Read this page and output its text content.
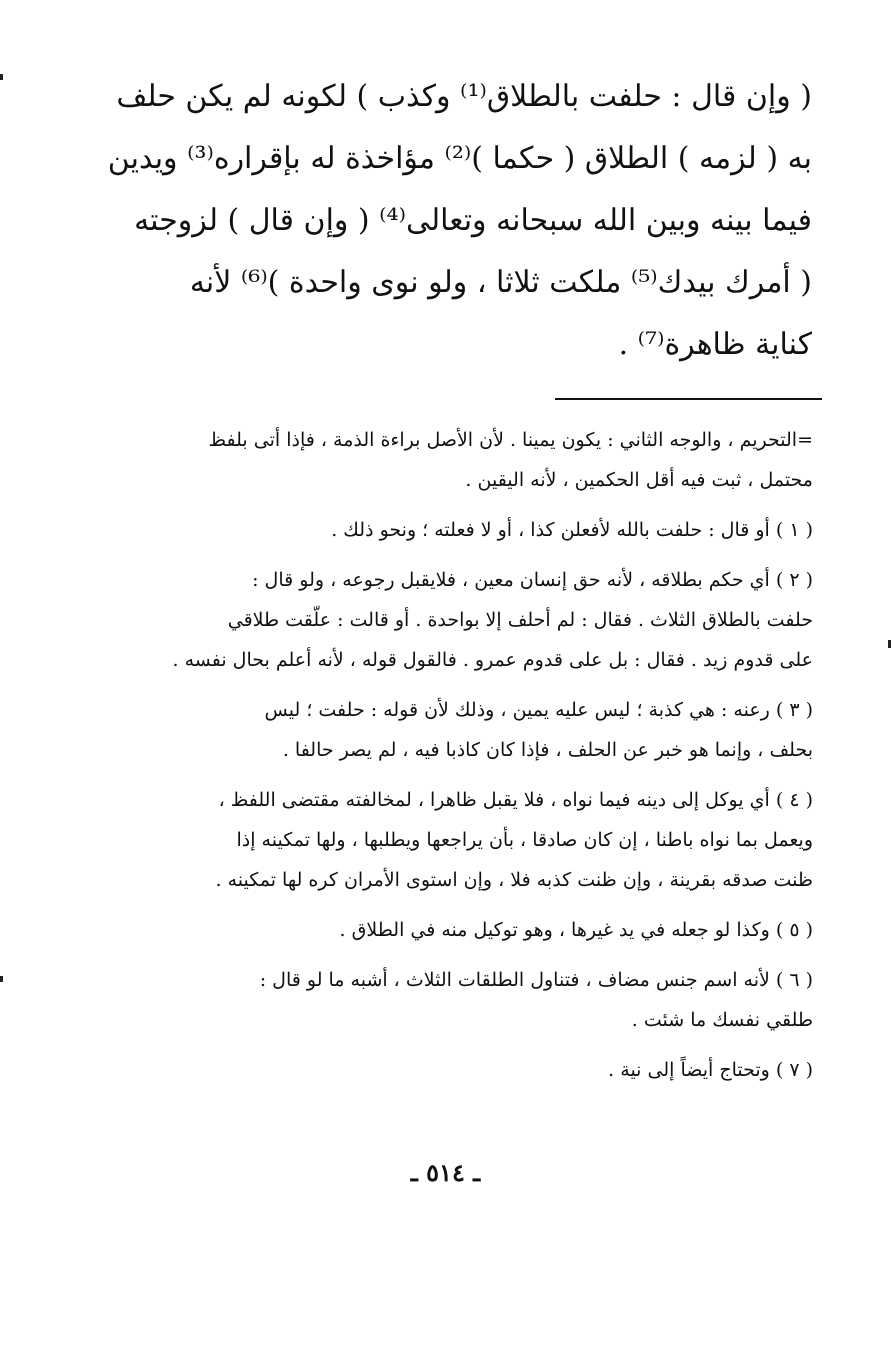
( وإن قال : حلفت بالطلاق⁽¹⁾ وكذب ) لكونه لم يكن حلف
به ( لزمه ) الطلاق ( حكما )⁽²⁾ مؤاخذة له بإقراره⁽³⁾ ويدين
فيما بينه وبين الله سبحانه وتعالى⁽⁴⁾ ( وإن قال ) لزوجته
( أمرك بيدك⁽⁵⁾ ملكت ثلاثا ، ولو نوى واحدة )⁽⁶⁾ لأنه
كناية ظاهرة⁽⁷⁾ .
=التحريم ، والوجه الثاني : يكون يمينا . لأن الأصل براءة الذمة ، فإذا أتى بلفظ
محتمل ، ثبت فيه أقل الحكمين ، لأنه اليقين .
( ١ ) أو قال : حلفت بالله لأفعلن كذا ، أو لا فعلته ؛ ونحو ذلك .
( ٢ ) أي حكم بطلاقه ، لأنه حق إنسان معين ، فلايقبل رجوعه ، ولو قال :
حلفت بالطلاق الثلاث . فقال : لم أحلف إلا بواحدة . أو قالت : علّقت طلاقي
على قدوم زيد . فقال : بل على قدوم عمرو . فالقول قوله ، لأنه أعلم بحال نفسه .
( ٣ ) رعنه : هي كذبة ؛ ليس عليه يمين ، وذلك لأن قوله : حلفت ؛ ليس
بحلف ، وإنما هو خبر عن الحلف ، فإذا كان كاذبا فيه ، لم يصر حالفا .
( ٤ ) أي يوكل إلى دينه فيما نواه ، فلا يقبل ظاهرا ، لمخالفته مقتضى اللفظ ،
ويعمل بما نواه باطنا ، إن كان صادقا ، بأن يراجعها ويطلبها ، ولها تمكينه إذا
ظنت صدقه بقرينة ، وإن ظنت كذبه فلا ، وإن استوى الأمران كره لها تمكينه .
( ٥ ) وكذا لو جعله في يد غيرها ، وهو توكيل منه في الطلاق .
( ٦ ) لأنه اسم جنس مضاف ، فتناول الطلقات الثلاث ، أشبه ما لو قال :
طلقي نفسك ما شئت .
( ٧ ) وتحتاج أيضاً إلى نية .
ـ ٥١٤ ـ
